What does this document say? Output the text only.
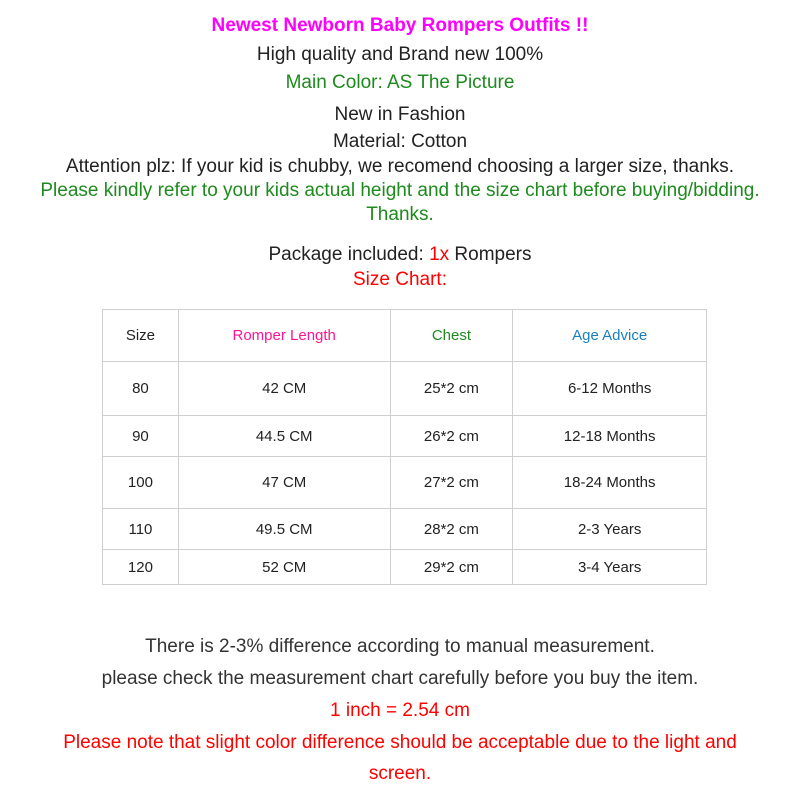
Newest Newborn Baby Rompers Outfits !!
High quality and Brand new 100%
Main Color: AS The Picture
New in Fashion
Material: Cotton
Attention plz: If your kid is chubby, we recomend choosing a larger size, thanks.
Please kindly refer to your kids actual height and the size chart before buying/bidding.
Thanks.
Package included: 1x Rompers
Size Chart:
Size	Romper Length	Chest	Age Advice
80	42 CM	25*2 cm	6-12 Months
90	44.5 CM	26*2 cm	12-18 Months
100	47 CM	27*2 cm	18-24 Months
110	49.5 CM	28*2 cm	2-3 Years
120	52 CM	29*2 cm	3-4 Years
There is 2-3% difference according to manual measurement.
please check the measurement chart carefully before you buy the item.
1 inch = 2.54 cm
Please note that slight color difference should be acceptable due to the light and
screen.
